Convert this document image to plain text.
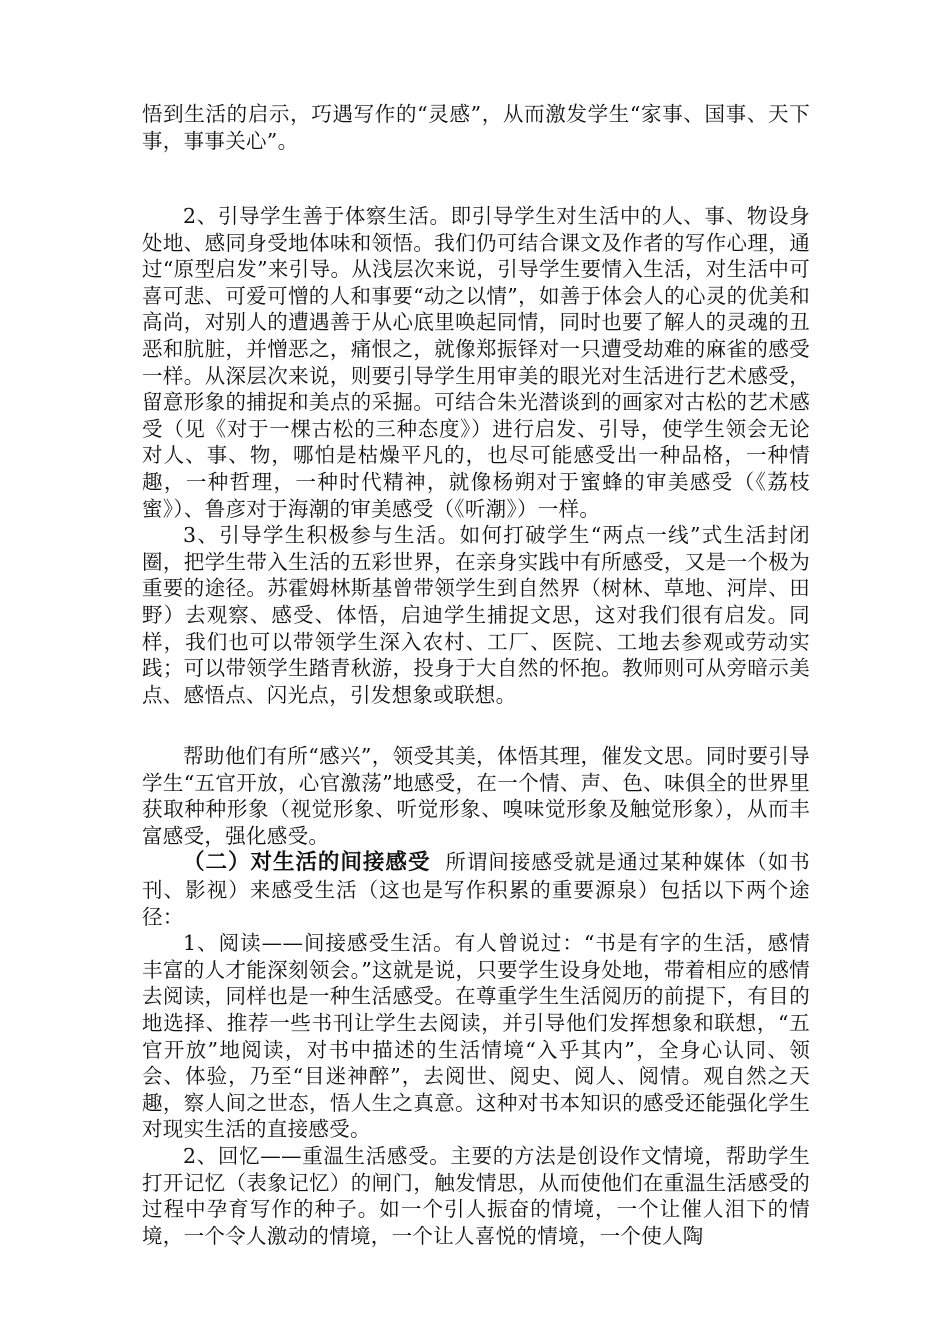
悟到生活的启示，巧遇写作的“灵感”，从而激发学生“家事、国事、天下事，事事关心”。

2、引导学生善于体察生活。即引导学生对生活中的人、事、物设身处地、感同身受地体味和领悟。我们仍可结合课文及作者的写作心理，通过“原型启发”来引导。从浅层次来说，引导学生要情入生活，对生活中可喜可悲、可爱可憎的人和事要“动之以情”，如善于体会人的心灵的优美和高尚，对别人的遭遇善于从心底里唤起同情，同时也要了解人的灵魂的丑恶和肮脏，并憎恶之，痛恨之，就像郑振铎对一只遭受劫难的麻雀的感受一样。从深层次来说，则要引导学生用审美的眼光对生活进行艺术感受，留意形象的捕捉和美点的采掘。可结合朱光潜谈到的画家对古松的艺术感受（见《对于一棵古松的三种态度》）进行启发、引导，使学生领会无论对人、事、物，哪怕是枯燥平凡的，也尽可能感受出一种品格，一种情趣，一种哲理，一种时代精神，就像杨朔对于蜜蜂的审美感受（《荔枝蜜》）、鲁彦对于海潮的审美感受（《听潮》）一样。

3、引导学生积极参与生活。如何打破学生“两点一线”式生活封闭圈，把学生带入生活的五彩世界，在亲身实践中有所感受，又是一个极为重要的途径。苏霍姆林斯基曾带领学生到自然界（树林、草地、河岸、田野）去观察、感受、体悟，启迪学生捕捉文思，这对我们很有启发。同样，我们也可以带领学生深入农村、工厂、医院、工地去参观或劳动实践；可以带领学生踏青秋游，投身于大自然的怀抱。教师则可从旁暗示美点、感悟点、闪光点，引发想象或联想。

帮助他们有所“感兴”，领受其美，体悟其理，催发文思。同时要引导学生“五官开放，心官激荡”地感受，在一个情、声、色、味俱全的世界里获取种种形象（视觉形象、听觉形象、嗅味觉形象及触觉形象），从而丰富感受，强化感受。

（二）对生活的间接感受 所谓间接感受就是通过某种媒体（如书刊、影视）来感受生活（这也是写作积累的重要源泉）包括以下两个途径：

1、阅读——间接感受生活。有人曾说过：“书是有字的生活，感情丰富的人才能深刻领会。”这就是说，只要学生设身处地，带着相应的感情去阅读，同样也是一种生活感受。在尊重学生生活阅历的前提下，有目的地选择、推荐一些书刊让学生去阅读，并引导他们发挥想象和联想，“五官开放”地阅读，对书中描述的生活情境“入乎其内”，全身心认同、领会、体验，乃至“目迷神醉”，去阅世、阅史、阅人、阅情。观自然之天趣，察人间之世态，悟人生之真意。这种对书本知识的感受还能强化学生对现实生活的直接感受。

2、回忆——重温生活感受。主要的方法是创设作文情境，帮助学生打开记忆（表象记忆）的闸门，触发情思，从而使他们在重温生活感受的过程中孕育写作的种子。如一个引人振奋的情境，一个让催人泪下的情境，一个令人激动的情境，一个让人喜悦的情境，一个使人陶
